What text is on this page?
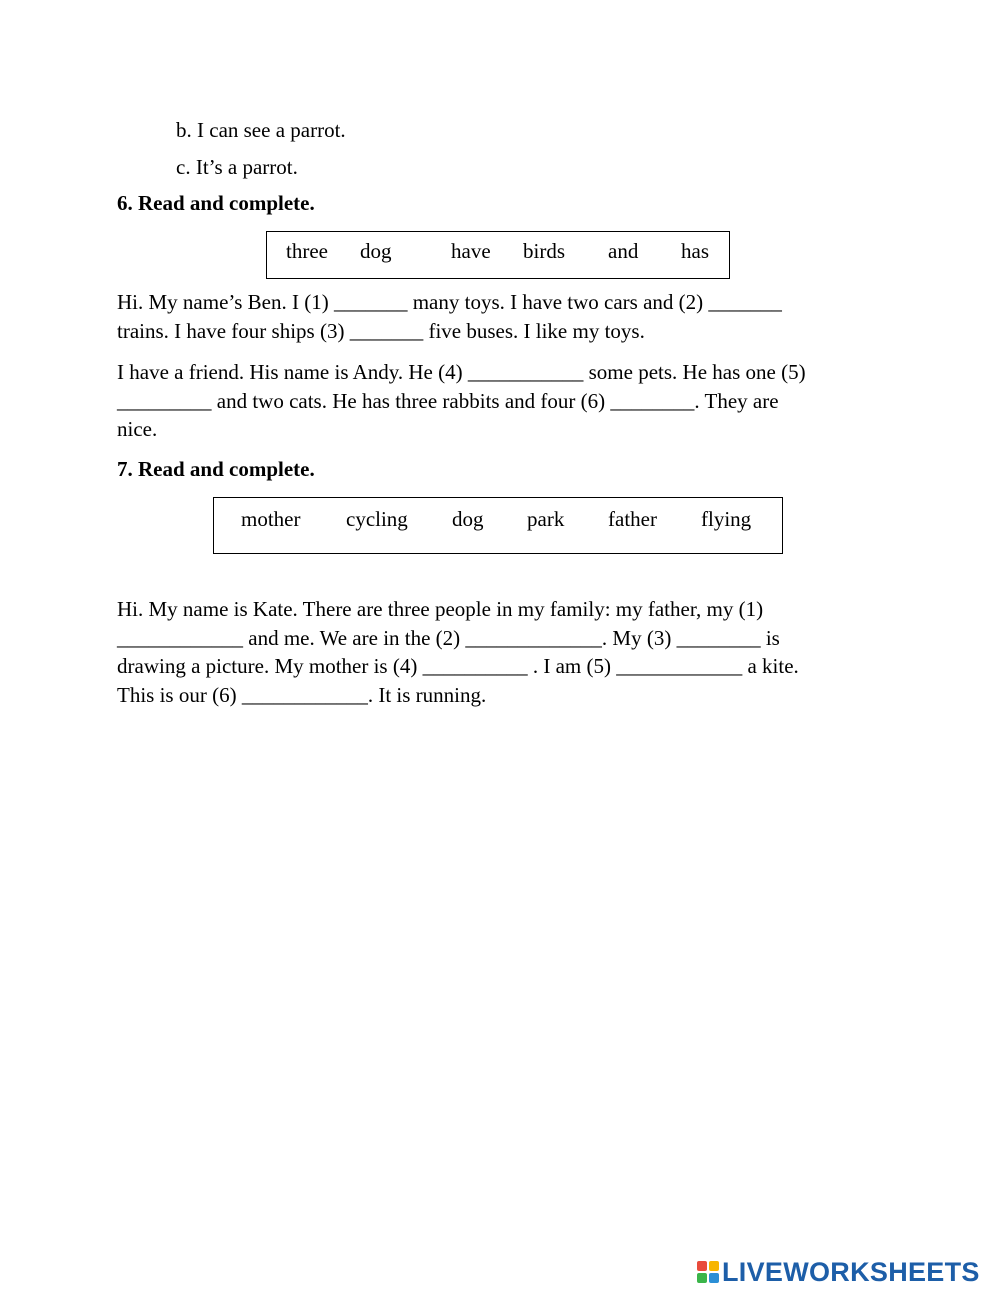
b. I can see a parrot.
c. It’s a parrot.
6. Read and complete.
three dog	have birds and has
Hi. My name’s Ben. I (1) _______ many toys. I have two cars and (2) _______
trains. I have four ships (3) _______ five buses. I like my toys.
I have a friend. His name is Andy. He (4) ___________ some pets. He has one (5)
_________ and two cats. He has three rabbits and four (6) ________. They are
nice.
7. Read and complete.
mother cycling dog park father flying
Hi. My name is Kate. There are three people in my family: my father, my (1)
____________ and me. We are in the (2) _____________. My (3) ________ is
drawing a picture. My mother is (4) __________ . I am (5) ____________ a kite.
This is our (6) ____________. It is running.
LIVEWORKSHEETS
